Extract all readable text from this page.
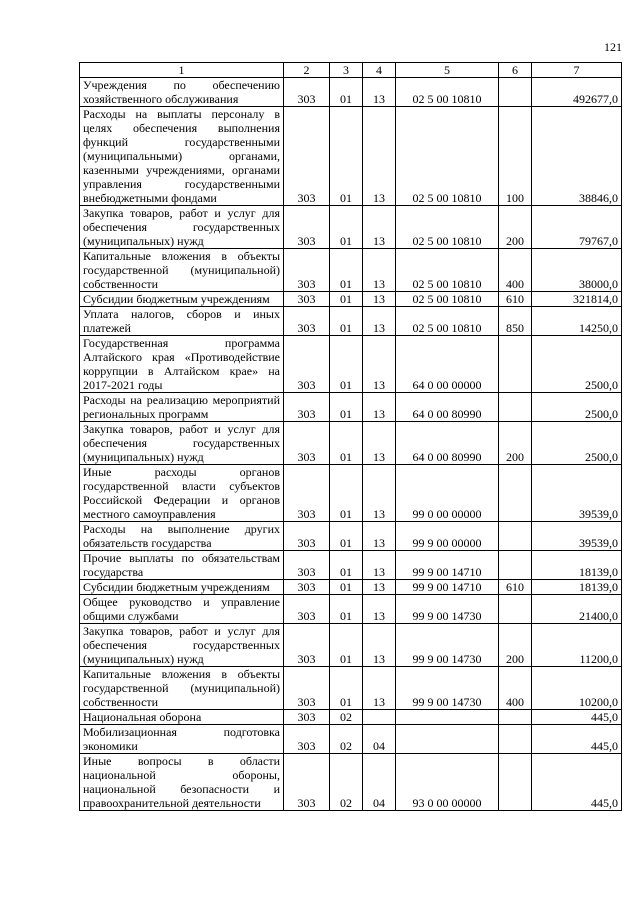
121
1	2	3	4	5	6	7
Учреждения по обеспечению хозяйственного обслуживания	303	01	13	02 5 00 10810		492677,0
Расходы на выплаты персоналу в целях обеспечения выполнения функций государственными (муниципальными) органами, казенными учреждениями, органами управления государственными внебюджетными фондами	303	01	13	02 5 00 10810	100	38846,0
Закупка товаров, работ и услуг для обеспечения государственных (муниципальных) нужд	303	01	13	02 5 00 10810	200	79767,0
Капитальные вложения в объекты государственной (муниципальной) собственности	303	01	13	02 5 00 10810	400	38000,0
Субсидии бюджетным учреждениям	303	01	13	02 5 00 10810	610	321814,0
Уплата налогов, сборов и иных платежей	303	01	13	02 5 00 10810	850	14250,0
Государственная программа Алтайского края «Противодействие коррупции в Алтайском крае» на 2017-2021 годы	303	01	13	64 0 00 00000		2500,0
Расходы на реализацию мероприятий региональных программ	303	01	13	64 0 00 80990		2500,0
Закупка товаров, работ и услуг для обеспечения государственных (муниципальных) нужд	303	01	13	64 0 00 80990	200	2500,0
Иные расходы органов государственной власти субъектов Российской Федерации и органов местного самоуправления	303	01	13	99 0 00 00000		39539,0
Расходы на выполнение других обязательств государства	303	01	13	99 9 00 00000		39539,0
Прочие выплаты по обязательствам государства	303	01	13	99 9 00 14710		18139,0
Субсидии бюджетным учреждениям	303	01	13	99 9 00 14710	610	18139,0
Общее руководство и управление общими службами	303	01	13	99 9 00 14730		21400,0
Закупка товаров, работ и услуг для обеспечения государственных (муниципальных) нужд	303	01	13	99 9 00 14730	200	11200,0
Капитальные вложения в объекты государственной (муниципальной) собственности	303	01	13	99 9 00 14730	400	10200,0
Национальная оборона	303	02				445,0
Мобилизационная подготовка экономики	303	02	04			445,0
Иные вопросы в области национальной обороны, национальной безопасности и правоохранительной деятельности	303	02	04	93 0 00 00000		445,0
